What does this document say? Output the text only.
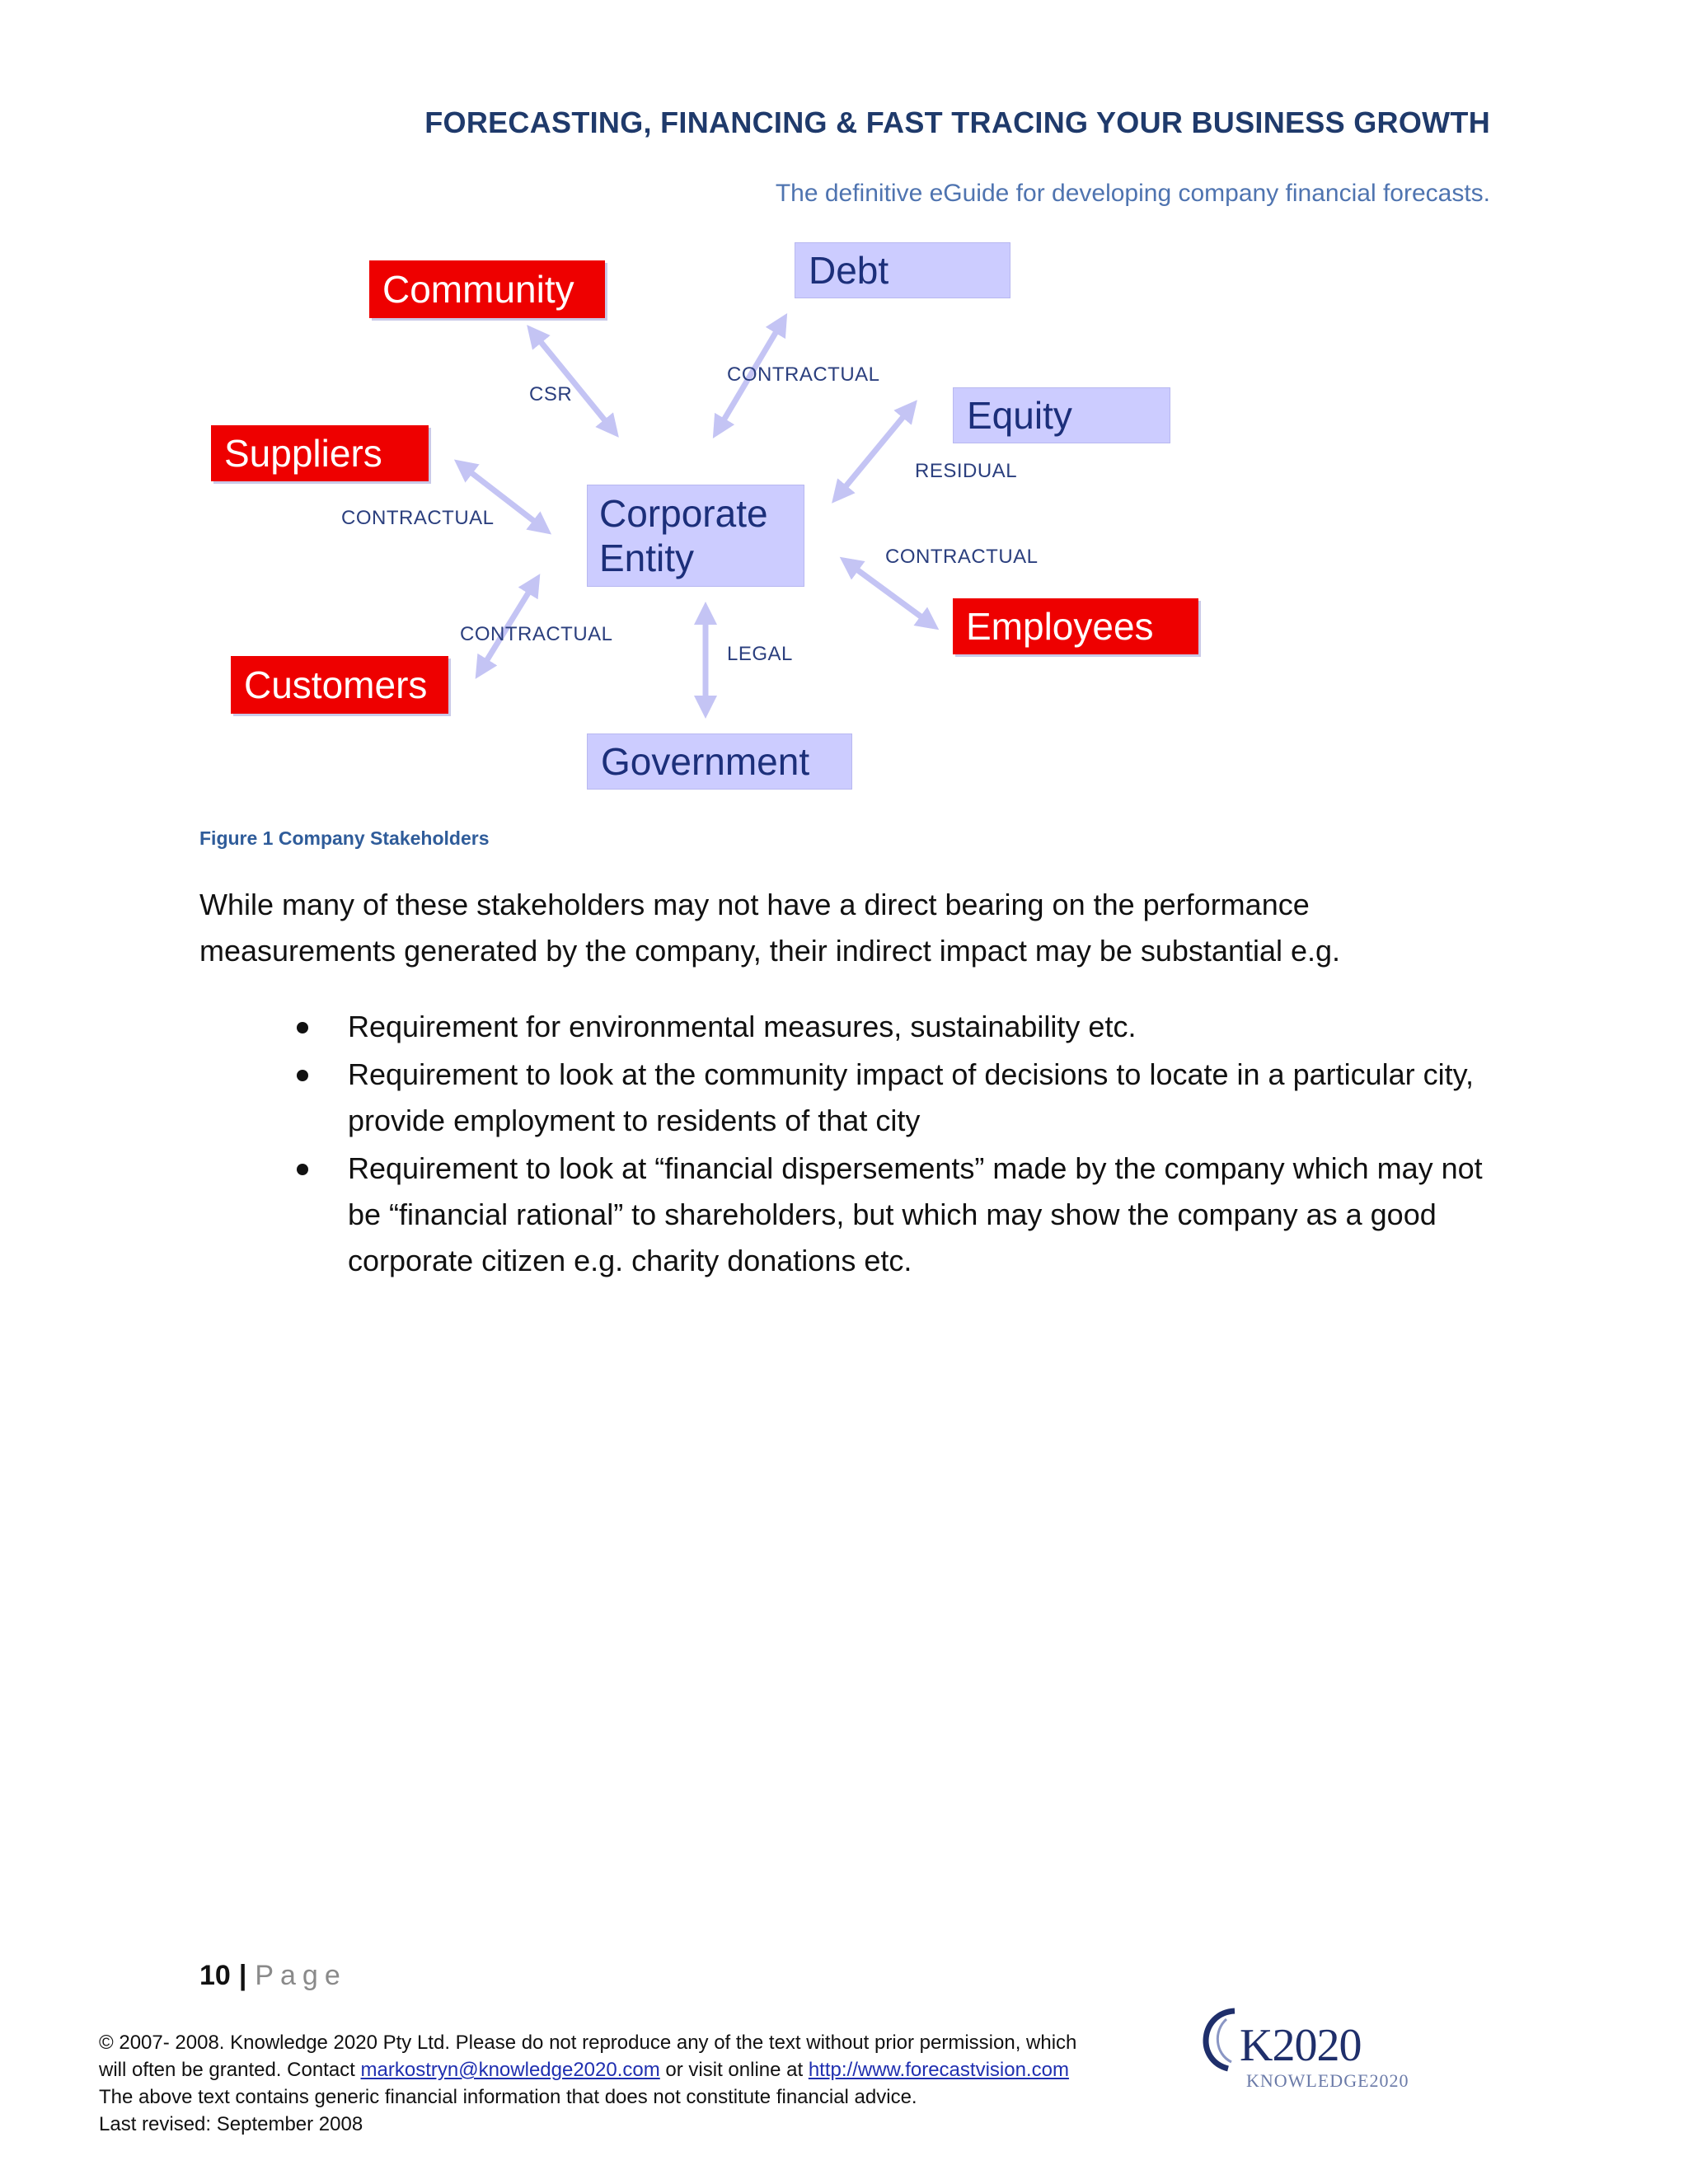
FORECASTING, FINANCING & FAST TRACING YOUR BUSINESS GROWTH
The definitive eGuide for developing company financial forecasts.
Community	Debt
Equity
Suppliers
Employees
Customers
Government
Corporate
Entity
CSR
CONTRACTUAL
RESIDUAL
CONTRACTUAL
CONTRACTUAL
CONTRACTUAL
LEGAL
Figure 1 Company Stakeholders
While many of these stakeholders may not have a direct bearing on the performance measurements generated by the company, their indirect impact may be substantial e.g.
Requirement for environmental measures, sustainability etc.
Requirement to look at the community impact of decisions to locate in a particular city, provide employment to residents of that city
Requirement to look at “financial dispersements” made by the company which may not be “financial rational” to shareholders, but which may show the company as a good corporate citizen e.g. charity donations etc.
10 | Page
© 2007- 2008. Knowledge 2020 Pty Ltd. Please do not reproduce any of the text without prior permission, which
will often be granted. Contact markostryn@knowledge2020.com or visit online at http://www.forecastvision.com
The above text contains generic financial information that does not constitute financial advice.
Last revised: September 2008
K2020
KNOWLEDGE2020
